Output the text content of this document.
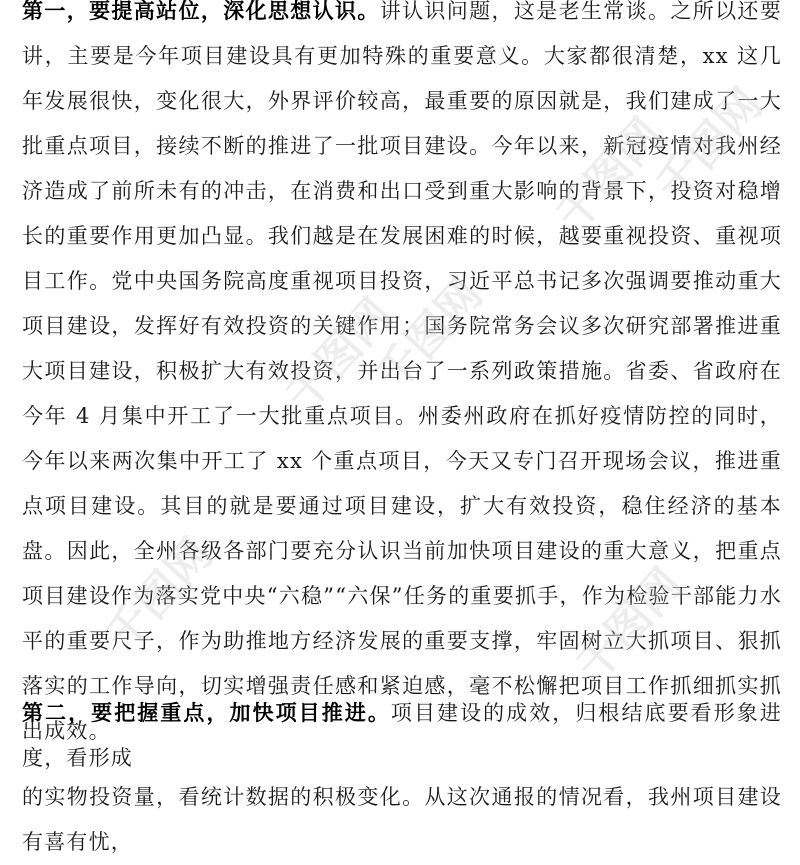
第一，要提高站位，深化思想认识。讲认识问题，这是老生常谈。之所以还要讲，主要是今年项目建设具有更加特殊的重要意义。大家都很清楚，xx 这几年发展很快，变化很大，外界评价较高，最重要的原因就是，我们建成了一大批重点项目，接续不断的推进了一批项目建设。今年以来，新冠疫情对我州经济造成了前所未有的冲击，在消费和出口受到重大影响的背景下，投资对稳增长的重要作用更加凸显。我们越是在发展困难的时候，越要重视投资、重视项目工作。党中央国务院高度重视项目投资，习近平总书记多次强调要推动重大项目建设，发挥好有效投资的关键作用；国务院常务会议多次研究部署推进重大项目建设，积极扩大有效投资，并出台了一系列政策措施。省委、省政府在今年 4 月集中开工了一大批重点项目。州委州政府在抓好疫情防控的同时，今年以来两次集中开工了 xx 个重点项目，今天又专门召开现场会议，推进重点项目建设。其目的就是要通过项目建设，扩大有效投资，稳住经济的基本盘。因此，全州各级各部门要充分认识当前加快项目建设的重大意义，把重点项目建设作为落实党中央“六稳”“六保”任务的重要抓手，作为检验干部能力水平的重要尺子，作为助推地方经济发展的重要支撑，牢固树立大抓项目、狠抓落实的工作导向，切实增强责任感和紧迫感，毫不松懈把项目工作抓细抓实抓出成效。

第二，要把握重点，加快项目推进。项目建设的成效，归根结底要看形象进度，看形成

的实物投资量，看统计数据的积极变化。从这次通报的情况看，我州项目建设有喜有忧，

千图网
千图网
千图网
千图网
千图网
千图网
